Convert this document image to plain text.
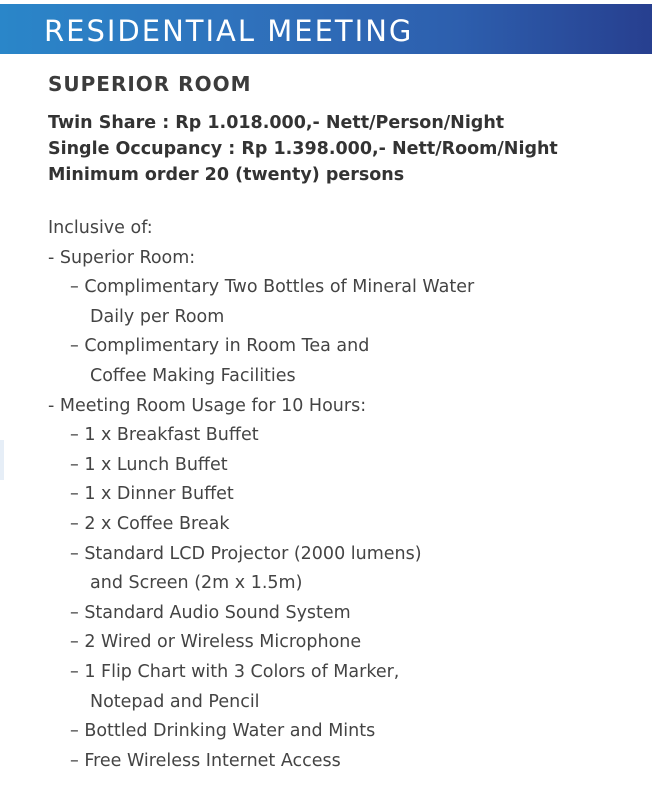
RESIDENTIAL MEETING
SUPERIOR ROOM
Twin Share : Rp 1.018.000,- Nett/Person/Night
Single Occupancy : Rp 1.398.000,- Nett/Room/Night
Minimum order 20 (twenty) persons
Inclusive of:
- Superior Room:
– Complimentary Two Bottles of Mineral Water
Daily per Room
– Complimentary in Room Tea and
Coffee Making Facilities
- Meeting Room Usage for 10 Hours:
– 1 x Breakfast Buffet
– 1 x Lunch Buffet
– 1 x Dinner Buffet
– 2 x Coffee Break
– Standard LCD Projector (2000 lumens)
and Screen (2m x 1.5m)
– Standard Audio Sound System
– 2 Wired or Wireless Microphone
– 1 Flip Chart with 3 Colors of Marker,
Notepad and Pencil
– Bottled Drinking Water and Mints
– Free Wireless Internet Access
